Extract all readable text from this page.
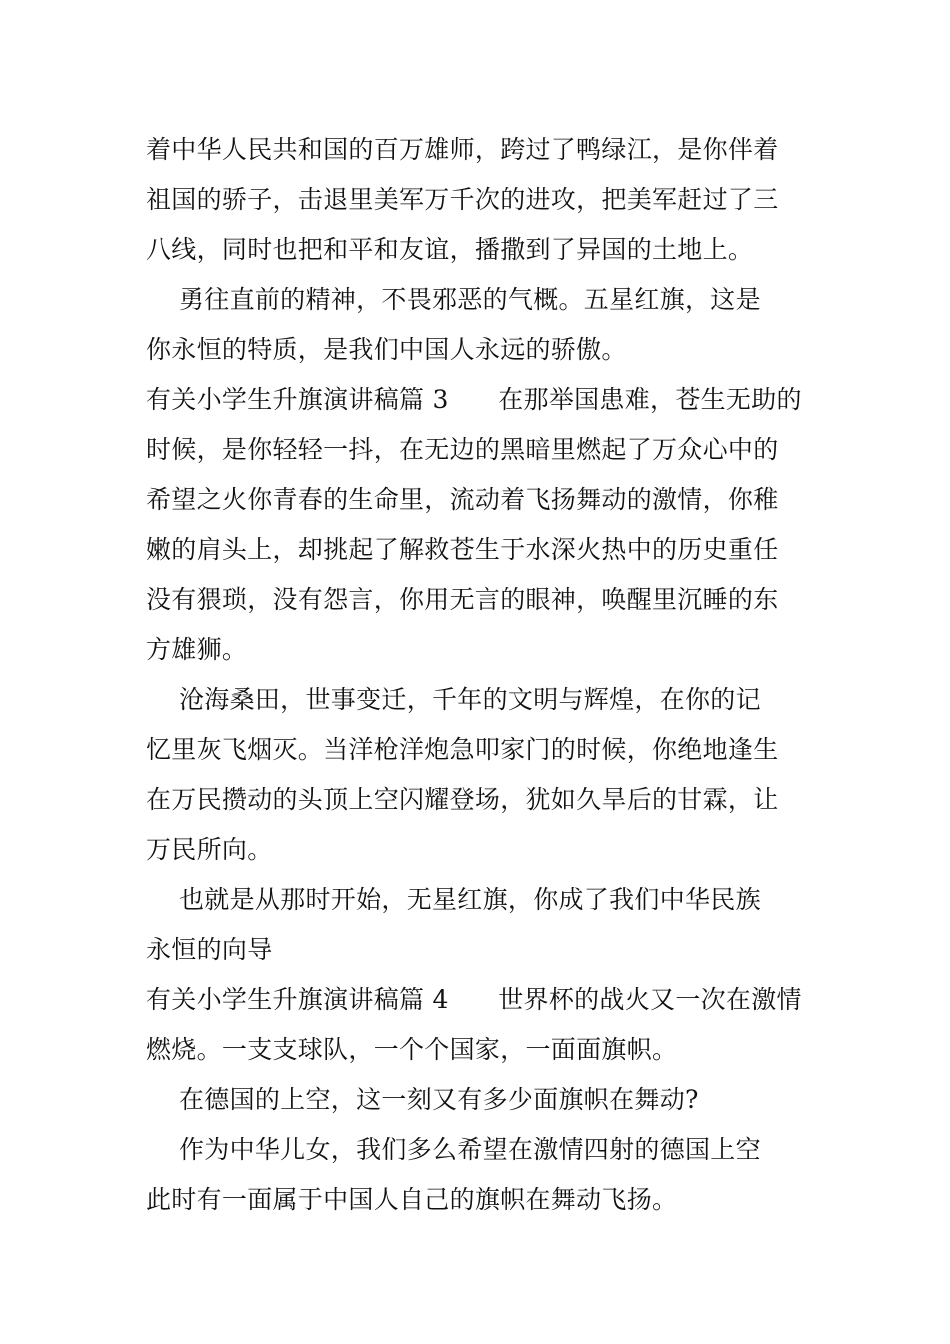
着中华人民共和国的百万雄师，跨过了鸭绿江，是你伴着
祖国的骄子，击退里美军万千次的进攻，把美军赶过了三
八线，同时也把和平和友谊，播撒到了异国的土地上。
勇往直前的精神，不畏邪恶的气概。五星红旗，这是
你永恒的特质，是我们中国人永远的骄傲。
有关小学生升旗演讲稿篇 3      在那举国患难，苍生无助的
时候，是你轻轻一抖，在无边的黑暗里燃起了万众心中的
希望之火你青春的生命里，流动着飞扬舞动的激情，你稚
嫩的肩头上，却挑起了解救苍生于水深火热中的历史重任
没有猥琐，没有怨言，你用无言的眼神，唤醒里沉睡的东
方雄狮。
沧海桑田，世事变迁，千年的文明与辉煌，在你的记
忆里灰飞烟灭。当洋枪洋炮急叩家门的时候，你绝地逢生
在万民攒动的头顶上空闪耀登场，犹如久旱后的甘霖，让
万民所向。
也就是从那时开始，无星红旗，你成了我们中华民族
永恒的向导
有关小学生升旗演讲稿篇 4      世界杯的战火又一次在激情
燃烧。一支支球队，一个个国家，一面面旗帜。
在德国的上空，这一刻又有多少面旗帜在舞动?
作为中华儿女，我们多么希望在激情四射的德国上空
此时有一面属于中国人自己的旗帜在舞动飞扬。
